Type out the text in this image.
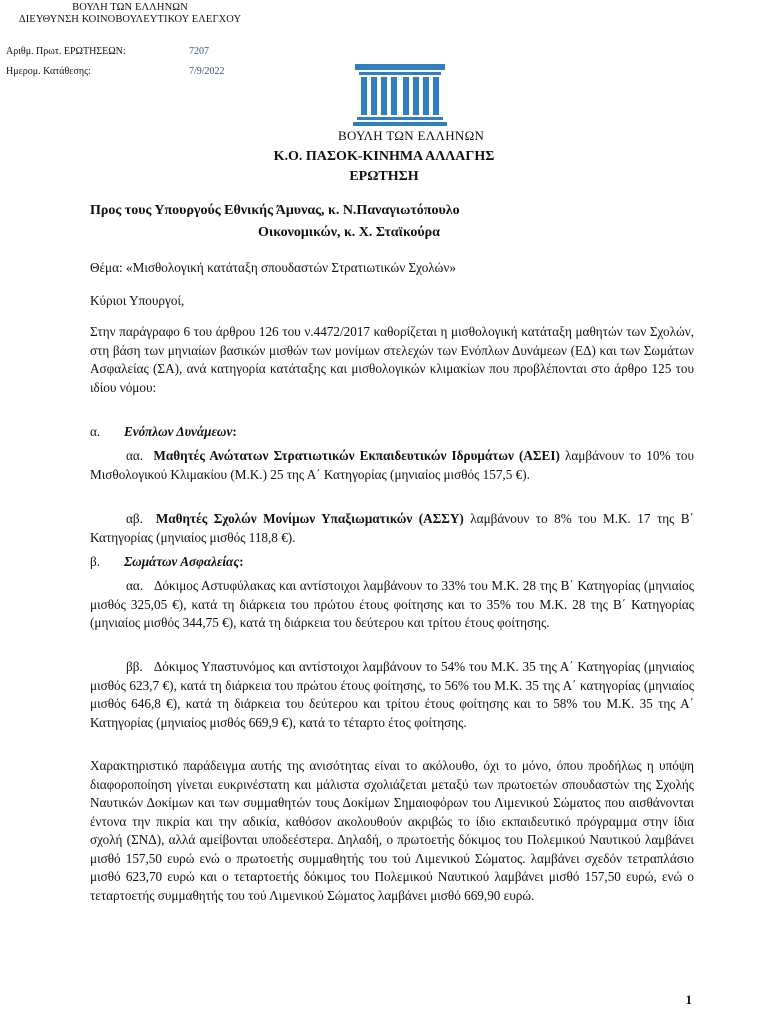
ΒΟΥΛΗ ΤΩΝ ΕΛΛΗΝΩΝ
ΔΙΕΥΘΥΝΣΗ ΚΟΙΝΟΒΟΥΛΕΥΤΙΚΟΥ ΕΛΕΓΧΟΥ
Αριθμ. Πρωτ. ΕΡΩΤΗΣΕΩΝ:	7207
Ημερομ. Κατάθεσης:	7/9/2022
ΒΟΥΛΗ ΤΩΝ ΕΛΛΗΝΩΝ
Κ.Ο. ΠΑΣΟΚ-ΚΙΝΗΜΑ ΑΛΛΑΓΗΣ
ΕΡΩΤΗΣΗ
Προς τους Υπουργούς Εθνικής Άμυνας, κ. Ν.Παναγιωτόπουλο
Οικονομικών, κ. Χ. Σταϊκούρα
Θέμα: «Μισθολογική κατάταξη σπουδαστών Στρατιωτικών Σχολών»
Κύριοι Υπουργοί,
Στην παράγραφο 6 του άρθρου 126 του ν.4472/2017 καθορίζεται η μισθολογική κατάταξη μαθητών των Σχολών, στη βάση των μηνιαίων βασικών μισθών των μονίμων στελεχών των Ενόπλων Δυνάμεων (ΕΔ) και των Σωμάτων Ασφαλείας (ΣΑ), ανά κατηγορία κατάταξης και μισθολογικών κλιμακίων που προβλέπονται στο άρθρο 125 του ιδίου νόμου:
α. Ενόπλων Δυνάμεων:
αα. Μαθητές Ανώτατων Στρατιωτικών Εκπαιδευτικών Ιδρυμάτων (ΑΣΕΙ) λαμβάνουν το 10% του Μισθολογικού Κλιμακίου (Μ.Κ.) 25 της Α΄ Κατηγορίας (μηνιαίος μισθός 157,5 €).
αβ. Μαθητές Σχολών Μονίμων Υπαξιωματικών (ΑΣΣΥ) λαμβάνουν το 8% του Μ.Κ. 17 της Β΄ Κατηγορίας (μηνιαίος μισθός 118,8 €).
β. Σωμάτων Ασφαλείας:
αα. Δόκιμος Αστυφύλακας και αντίστοιχοι λαμβάνουν το 33% του Μ.Κ. 28 της Β΄ Κατηγορίας (μηνιαίος μισθός 325,05 €), κατά τη διάρκεια του πρώτου έτους φοίτησης και το 35% του Μ.Κ. 28 της Β΄ Κατηγορίας (μηνιαίος μισθός 344,75 €), κατά τη διάρκεια του δεύτερου και τρίτου έτους φοίτησης.
ββ. Δόκιμος Υπαστυνόμος και αντίστοιχοι λαμβάνουν το 54% του Μ.Κ. 35 της Α΄ Κατηγορίας (μηνιαίος μισθός 623,7 €), κατά τη διάρκεια του πρώτου έτους φοίτησης, το 56% του Μ.Κ. 35 της Α΄ κατηγορίας (μηνιαίος μισθός 646,8 €), κατά τη διάρκεια του δεύτερου και τρίτου έτους φοίτησης και το 58% του Μ.Κ. 35 της Α΄ Κατηγορίας (μηνιαίος μισθός 669,9 €), κατά το τέταρτο έτος φοίτησης.
Χαρακτηριστικό παράδειγμα αυτής της ανισότητας είναι το ακόλουθο, όχι το μόνο, όπου προδήλως η υπόψη διαφοροποίηση γίνεται ευκρινέστατη και μάλιστα σχολιάζεται μεταξύ των πρωτοετών σπουδαστών της Σχολής Ναυτικών Δοκίμων και των συμμαθητών τους Δοκίμων Σημαιοφόρων του Λιμενικού Σώματος που αισθάνονται έντονα την πικρία και την αδικία, καθόσον ακολουθούν ακριβώς το ίδιο εκπαιδευτικό πρόγραμμα στην ίδια σχολή (ΣΝΔ), αλλά αμείβονται υποδεέστερα. Δηλαδή, ο πρωτοετής δόκιμος του Πολεμικού Ναυτικού λαμβάνει μισθό 157,50 ευρώ ενώ ο πρωτοετής συμμαθητής του τού Λιμενικού Σώματος. λαμβάνει σχεδόν τετραπλάσιο μισθό 623,70 ευρώ και ο τεταρτοετής δόκιμος του Πολεμικού Ναυτικού λαμβάνει μισθό 157,50 ευρώ, ενώ ο τεταρτοετής συμμαθητής του τού Λιμενικού Σώματος λαμβάνει μισθό 669,90 ευρώ.
1
